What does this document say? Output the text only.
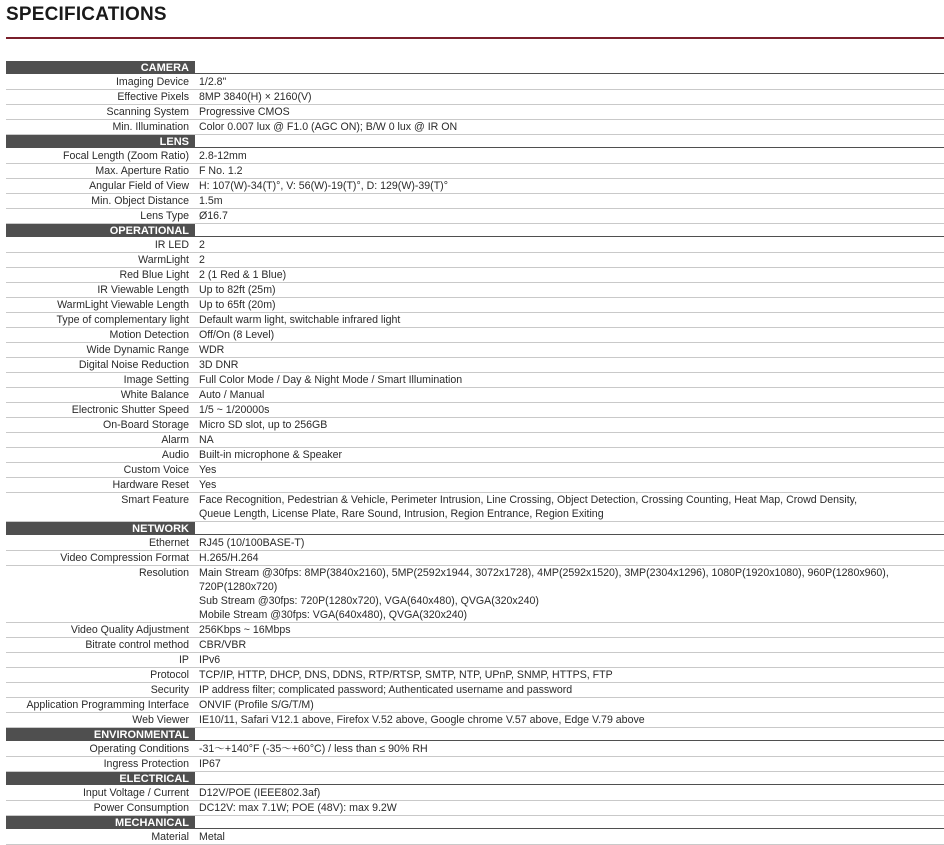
SPECIFICATIONS
CAMERA
Imaging Device 1/2.8"
Effective Pixels 8MP 3840(H) × 2160(V)
Scanning System Progressive CMOS
Min. Illumination Color 0.007 lux @ F1.0 (AGC ON); B/W 0 lux @ IR ON
LENS
Focal Length (Zoom Ratio) 2.8-12mm
Max. Aperture Ratio F No. 1.2
Angular Field of View H: 107(W)-34(T)°, V: 56(W)-19(T)°, D: 129(W)-39(T)°
Min. Object Distance 1.5m
Lens Type Ø16.7
OPERATIONAL
IR LED 2
WarmLight 2
Red Blue Light 2 (1 Red & 1 Blue)
IR Viewable Length Up to 82ft (25m)
WarmLight Viewable Length Up to 65ft (20m)
Type of complementary light Default warm light, switchable infrared light
Motion Detection Off/On (8 Level)
Wide Dynamic Range WDR
Digital Noise Reduction 3D DNR
Image Setting Full Color Mode / Day & Night Mode / Smart Illumination
White Balance Auto / Manual
Electronic Shutter Speed 1/5 ~ 1/20000s
On-Board Storage Micro SD slot, up to 256GB
Alarm NA
Audio Built-in microphone & Speaker
Custom Voice Yes
Hardware Reset Yes
Smart Feature Face Recognition, Pedestrian & Vehicle, Perimeter Intrusion, Line Crossing, Object Detection, Crossing Counting, Heat Map, Crowd Density,
Queue Length, License Plate, Rare Sound, Intrusion, Region Entrance, Region Exiting
NETWORK
Ethernet RJ45 (10/100BASE-T)
Video Compression Format H.265/H.264
Resolution Main Stream @30fps: 8MP(3840x2160), 5MP(2592x1944, 3072x1728), 4MP(2592x1520), 3MP(2304x1296), 1080P(1920x1080), 960P(1280x960),
720P(1280x720)
Sub Stream @30fps: 720P(1280x720), VGA(640x480), QVGA(320x240)
Mobile Stream @30fps: VGA(640x480), QVGA(320x240)
Video Quality Adjustment 256Kbps ~ 16Mbps
Bitrate control method CBR/VBR
IP IPv6
Protocol TCP/IP, HTTP, DHCP, DNS, DDNS, RTP/RTSP, SMTP, NTP, UPnP, SNMP, HTTPS, FTP
Security IP address filter; complicated password; Authenticated username and password
Application Programming Interface ONVIF (Profile S/G/T/M)
Web Viewer IE10/11, Safari V12.1 above, Firefox V.52 above, Google chrome V.57 above, Edge V.79 above
ENVIRONMENTAL
Operating Conditions -31～+140°F (-35～+60°C) / less than ≤ 90% RH
Ingress Protection IP67
ELECTRICAL
Input Voltage / Current D12V/POE (IEEE802.3af)
Power Consumption DC12V: max 7.1W; POE (48V): max 9.2W
MECHANICAL
Material Metal
